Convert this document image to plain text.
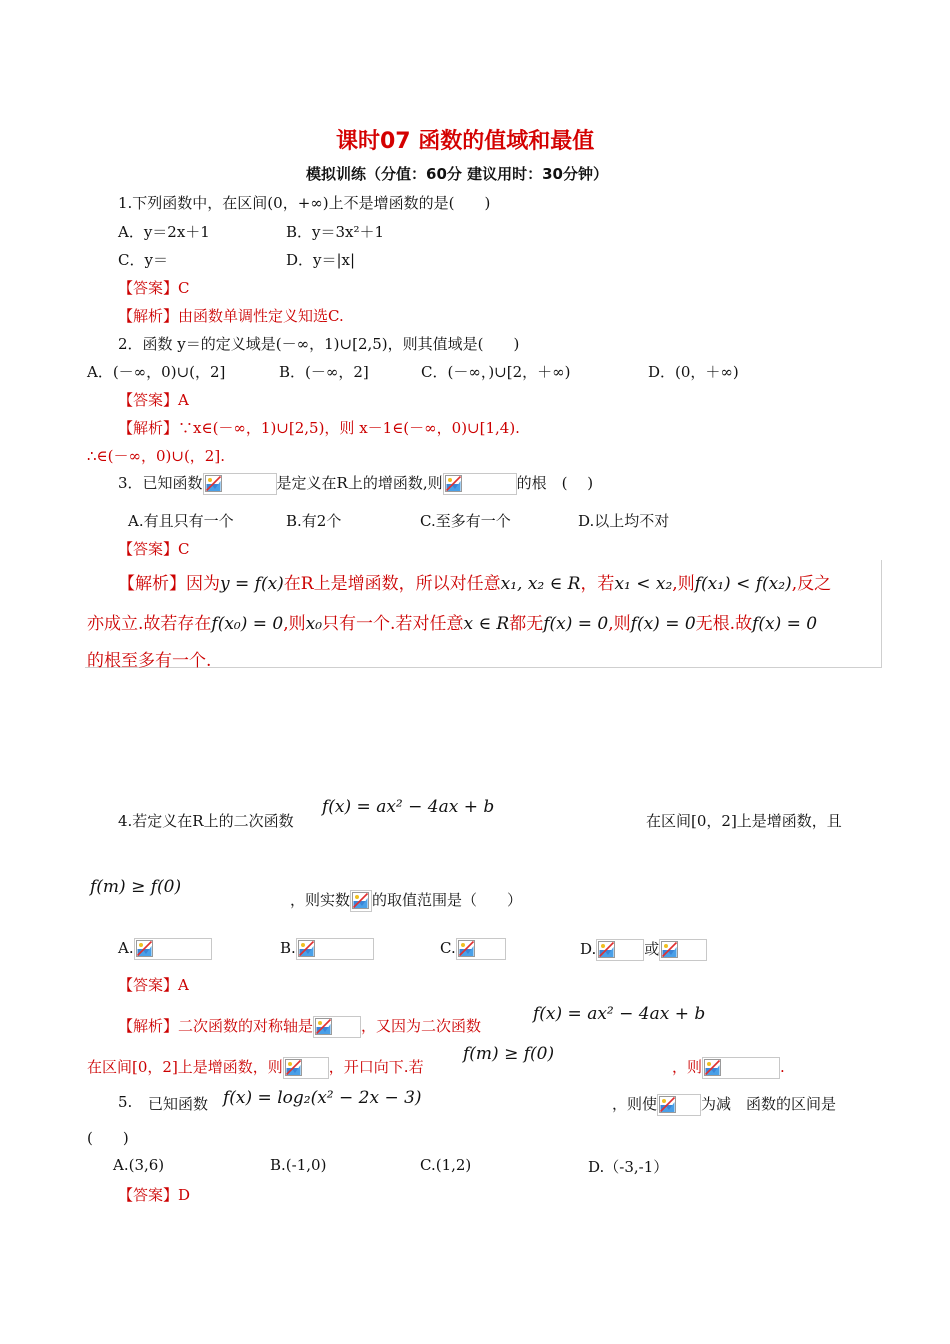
课时07 函数的值域和最值
模拟训练（分值：60分 建议用时：30分钟）
1.下列函数中，在区间(0，+∞)上不是增函数的是(　　)
A．y＝2x＋1	B．y＝3x²＋1
C．y＝	D．y＝|x|
【答案】C
【解析】由函数单调性定义知选C.
2．函数 y＝的定义域是(－∞，1)∪[2,5)，则其值域是(　　)
A．(－∞，0)∪(，2]	B．(－∞，2]	C．(－∞，)∪[2，＋∞)	D．(0，＋∞)
【答案】A
【解析】∵x∈(－∞，1)∪[2,5)，则 x－1∈(－∞，0)∪[1,4).
∴∈(－∞，0)∪(，2].
3．已知函数	是定义在R上的增函数,则	的根　(　 )
A.有且只有一个	B.有2个	C.至多有一个	D.以上均不对
【答案】C
【解析】因为y = f(x)在R上是增函数，所以对任意x₁, x₂ ∈ R，若x₁ < x₂,则f(x₁) < f(x₂),反之
亦成立.故若存在f(x₀) = 0,则x₀只有一个.若对任意x ∈ R都无f(x) = 0,则f(x) = 0无根.故f(x) = 0
的根至多有一个.
4.若定义在R上的二次函数
f(x) = ax² − 4ax + b
在区间[0，2]上是增函数，且
f(m) ≥ f(0)
，则实数 的取值范围是（　　）
A.	B.	C.	D.	或
【答案】A
【解析】二次函数的对称轴是	，又因为二次函数
f(x) = ax² − 4ax + b
在区间[0，2]上是增函数，则	，开口向下.若
f(m) ≥ f(0)
，则	.
5. 已知函数 f(x) = log₂(x² − 2x − 3)	，则使	为减　函数的区间是
(　　)
A.(3,6)	B.(-1,0)	C.(1,2)	D.（-3,-1）
【答案】D
